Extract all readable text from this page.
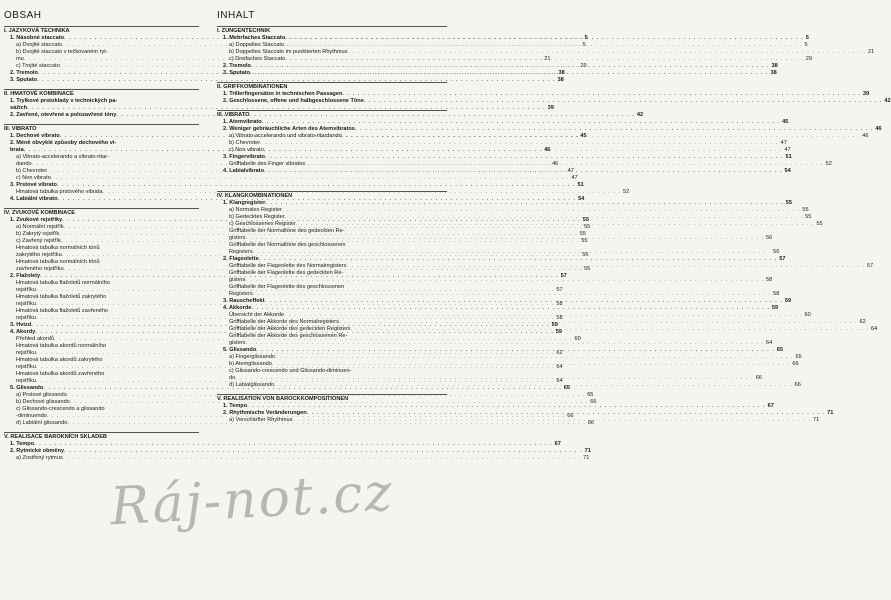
OBSAH
I. JAZYKOVÁ TECHNIKA
1. Násobné staccato . . .	5
a) Dvojité staccato . . .	5
b) Dvojité staccato v tečkovaném ryt-
mu . . .	21
c) Trojité staccato . . .	29
2. Tremolo . . .	38
3. Sputato . . .	38
II. HMATOVÉ KOMBINACE
1. Trylkové prstoklady v technických pa-
sážích . . .	39
2. Zavřené, otevřené a polozavřené tóny . . .	42
III. VIBRATO
1. Dechové vibrato . . .	45
2. Méně obvyklé způsoby dechového vi-
brata . . .	46
a) Vibrato-accelerando a vibrato-ritar-
dando . . .	46
b) Chevroter . . .	47
c) Non vibrato . . .	47
3. Prstové vibrato . . .	51
Hmatová tabulka prstového vibrata . . .	52
4. Labiální vibrato . . .	54
IV. ZVUKOVÉ KOMBINACE
1. Zvukové rejstříky . . .	55
a) Normální rejstřík . . .	55
b) Zakrytý rejstřík . . .	55
c) Zavřený rejstřík . . .	55
Hmatová tabulka normálních tónů
zakrytého rejstříku . . .	56
Hmatová tabulka normálních tónů
zavřeného rejstříku . . .	56
2. Flažolety . . .	57
Hmatová tabulka flažoletů normálního
rejstříku . . .	57
Hmatová tabulka flažoletů zakrytého
rejstříku . . .	58
Hmatová tabulka flažoletů zavřeného
rejstříku . . .	58
3. Hvizd . . .	59
4. Akordy . . .	59
Přehled akordů . . .	60
Hmatová tabulka akordů normálního
rejstříku . . .	62
Hmatová tabulka akordů zakrytého
rejstříku . . .	64
Hmatová tabulka akordů zavřeného
rejstříku . . .	64
5. Glissando . . .	65
a) Prstové glissando . . .	65
b) Dechové glissando . . .	66
c) Glissando-crescendo a glissando
-diminuendo . . .	66
d) Labiální glissando . . .	66
V. REALISACE BAROKNÍCH SKLADEB
1. Tempo . . .	67
2. Rytmické obměny . . .	71
a) Zostřený rytmus . . .	71
INHALT
I. ZUNGENTECHNIK
1. Mehrfaches Staccato . . .	5
a) Doppeltes Staccato . . .	5
b) Doppeltes Staccato im punktierten Rhythmus . . .	21
c) Dreifaches Staccato . . .	29
2. Tremolo . . .	38
3. Sputato . . .	38
II. GRIFFKOMBINATIONEN
1. Trillerfingersätze in technischen Passagen . . .	39
2. Geschlossene, offene und halbgeschlossene Töne . . .	42
III. VIBRATO
1. Atemvibrato . . .	45
2. Weniger gebräuchliche Arten des Atemvibratos . . .	46
a) Vibrato-accelerando und vibrato-ritardando . . .	46
b) Chevroter . . .	47
c) Non vibrato . . .	47
3. Fingervibrato . . .	51
Grifftabelle des Finger vibratos . . .	52
4. Labialvibrato . . .	54
IV. KLANGKOMBINATIONEN
1. Klangregister . . .	55
a) Normales Register . . .	55
b) Gedecktes Register . . .	55
c) Geschlossenes Register . . .	55
Grifftabelle der Normaltöne des gedeckten Re-
gisters . . .	56
Grifftabelle der Normaltöne des geschlossenen
Registers . . .	56
2. Flageolette . . .	57
Grifftabelle der Flageolette des Normalregisters . . .	57
Grifftabelle der Flageolette des gedeckten Re-
gisters . . .	58
Grifftabelle der Flageolette des geschlossenen
Registers . . .	58
3. Rauscheffekt . . .	59
4. Akkorde . . .	59
Übersicht der Akkorde . . .	60
Grifftabelle der Akkorde des Normalregisters . . .	62
Grifftabelle der Akkorde des gedeckten Registers . . .	64
Grifftabelle der Akkorde des geschlossenen Re-
gisters . . .	64
5. Glissando . . .	65
a) Fingerglissando . . .	65
b) Atemglissando . . .	66
c) Glissando-crescendo und Glissando-diminuen-
do . . .	66
d) Labialglissando . . .	66
V. REALISATION VON BAROCKKOMPOSITIONEN
1. Tempo . . .	67
2. Rhythmische Veränderungen . . .	71
a) Verschärfter Rhythmus . . .	71
Ráj-not.cz
